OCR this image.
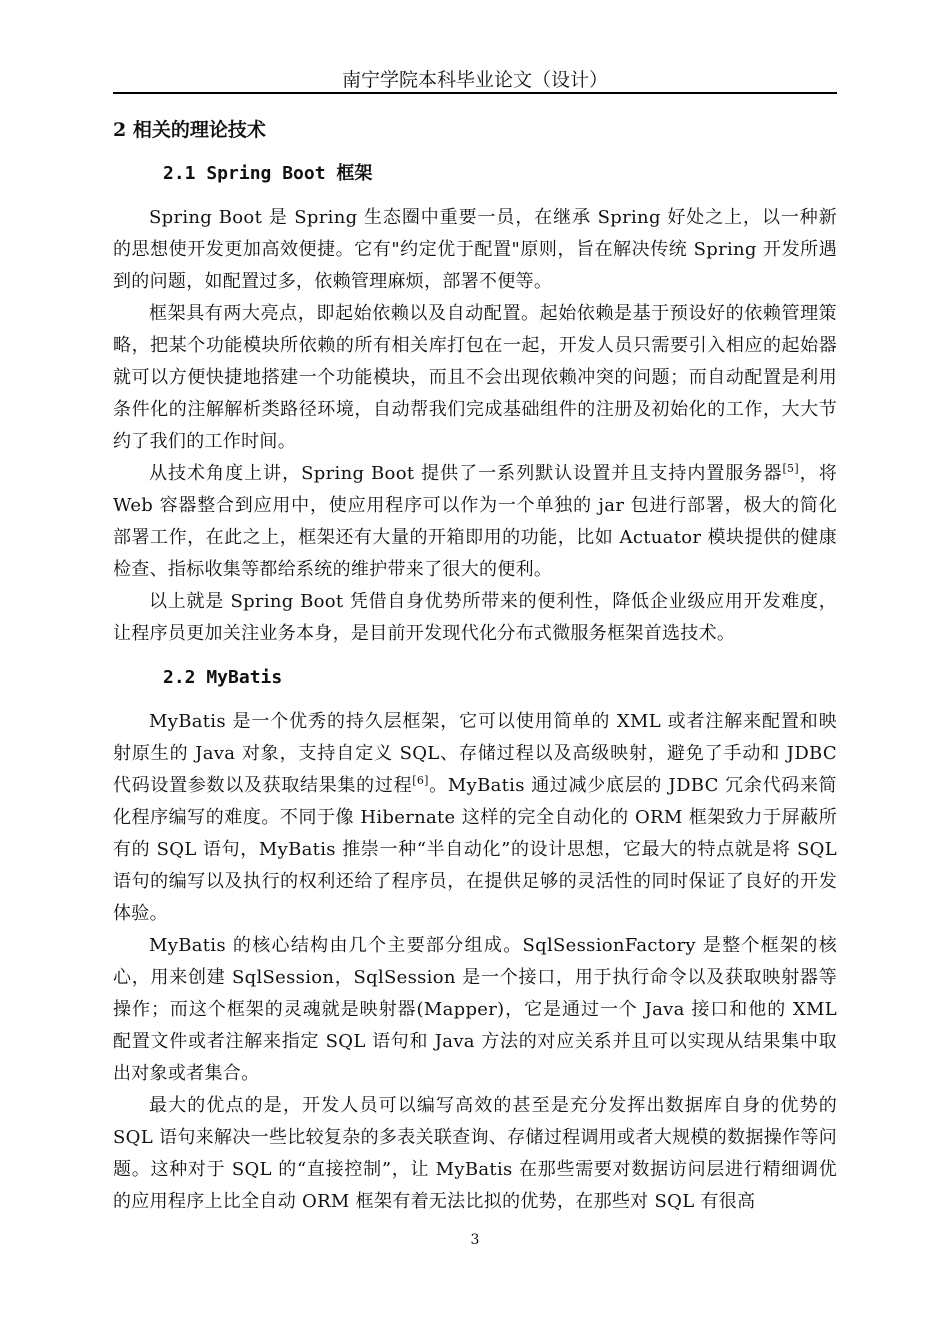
南宁学院本科毕业论文（设计）
2 相关的理论技术
2.1 Spring Boot 框架

Spring Boot 是 Spring 生态圈中重要一员，在继承 Spring 好处之上，以一种新的思想使开发更加高效便捷。它有"约定优于配置"原则，旨在解决传统 Spring 开发所遇到的问题，如配置过多，依赖管理麻烦，部署不便等。

框架具有两大亮点，即起始依赖以及自动配置。起始依赖是基于预设好的依赖管理策略，把某个功能模块所依赖的所有相关库打包在一起，开发人员只需要引入相应的起始器就可以方便快捷地搭建一个功能模块，而且不会出现依赖冲突的问题；而自动配置是利用条件化的注解解析类路径环境，自动帮我们完成基础组件的注册及初始化的工作，大大节约了我们的工作时间。

从技术角度上讲，Spring Boot 提供了一系列默认设置并且支持内置服务器[5]，将 Web 容器整合到应用中，使应用程序可以作为一个单独的 jar 包进行部署，极大的简化部署工作，在此之上，框架还有大量的开箱即用的功能，比如 Actuator 模块提供的健康检查、指标收集等都给系统的维护带来了很大的便利。

以上就是 Spring Boot 凭借自身优势所带来的便利性，降低企业级应用开发难度，让程序员更加关注业务本身，是目前开发现代化分布式微服务框架首选技术。

2.2 MyBatis

MyBatis 是一个优秀的持久层框架，它可以使用简单的 XML 或者注解来配置和映射原生的 Java 对象，支持自定义 SQL、存储过程以及高级映射，避免了手动和 JDBC 代码设置参数以及获取结果集的过程[6]。MyBatis 通过减少底层的 JDBC 冗余代码来简化程序编写的难度。不同于像 Hibernate 这样的完全自动化的 ORM 框架致力于屏蔽所有的 SQL 语句，MyBatis 推崇一种“半自动化”的设计思想，它最大的特点就是将 SQL 语句的编写以及执行的权利还给了程序员，在提供足够的灵活性的同时保证了良好的开发体验。

MyBatis 的核心结构由几个主要部分组成。SqlSessionFactory 是整个框架的核心，用来创建 SqlSession，SqlSession 是一个接口，用于执行命令以及获取映射器等操作；而这个框架的灵魂就是映射器(Mapper)，它是通过一个 Java 接口和他的 XML 配置文件或者注解来指定 SQL 语句和 Java 方法的对应关系并且可以实现从结果集中取出对象或者集合。

最大的优点的是，开发人员可以编写高效的甚至是充分发挥出数据库自身的优势的 SQL 语句来解决一些比较复杂的多表关联查询、存储过程调用或者大规模的数据操作等问题。这种对于 SQL 的“直接控制”，让 MyBatis 在那些需要对数据访问层进行精细调优的应用程序上比全自动 ORM 框架有着无法比拟的优势，在那些对 SQL 有很高

3
